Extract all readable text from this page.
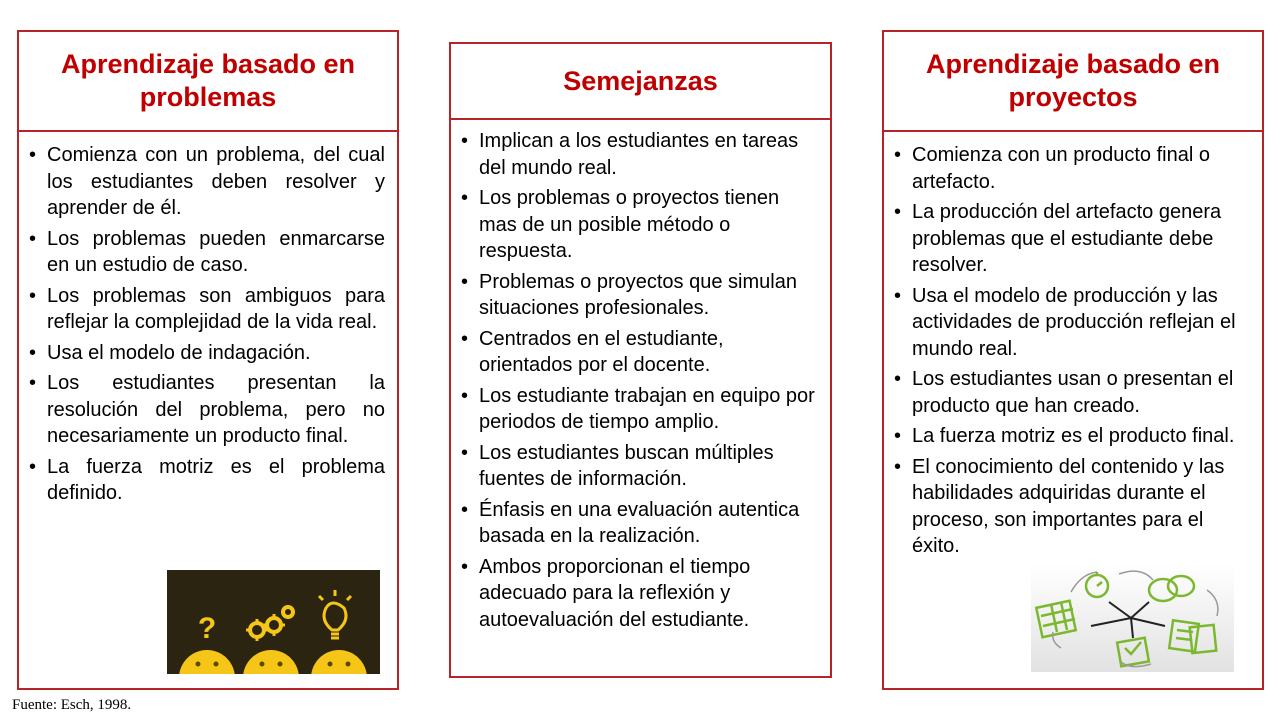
Aprendizaje basado en problemas
• Comienza con un problema, del cual los estudiantes deben resolver y aprender de él.
• Los problemas pueden enmarcarse en un estudio de caso.
• Los problemas son ambiguos para reflejar la complejidad de la vida real.
• Usa el modelo de indagación.
• Los estudiantes presentan la resolución del problema, pero no necesariamente un producto final.
• La fuerza motriz es el problema definido.
?
Semejanzas
• Implican a los estudiantes en tareas del mundo real.
• Los problemas o proyectos tienen mas de un posible método o respuesta.
• Problemas o proyectos que simulan situaciones profesionales.
• Centrados en el estudiante, orientados por el docente.
• Los estudiante trabajan en equipo por periodos de tiempo amplio.
• Los estudiantes buscan múltiples fuentes de información.
• Énfasis en una evaluación autentica basada en la realización.
• Ambos proporcionan el tiempo adecuado para la reflexión y autoevaluación del estudiante.
Aprendizaje basado en proyectos
• Comienza con un producto final o artefacto.
• La producción del artefacto genera problemas que el estudiante debe resolver.
• Usa el modelo de producción y las actividades de producción reflejan el mundo real.
• Los estudiantes usan o presentan el producto que han creado.
• La fuerza motriz es el producto final.
• El conocimiento del contenido y las habilidades adquiridas durante el proceso, son importantes para el éxito.
Fuente: Esch, 1998.
